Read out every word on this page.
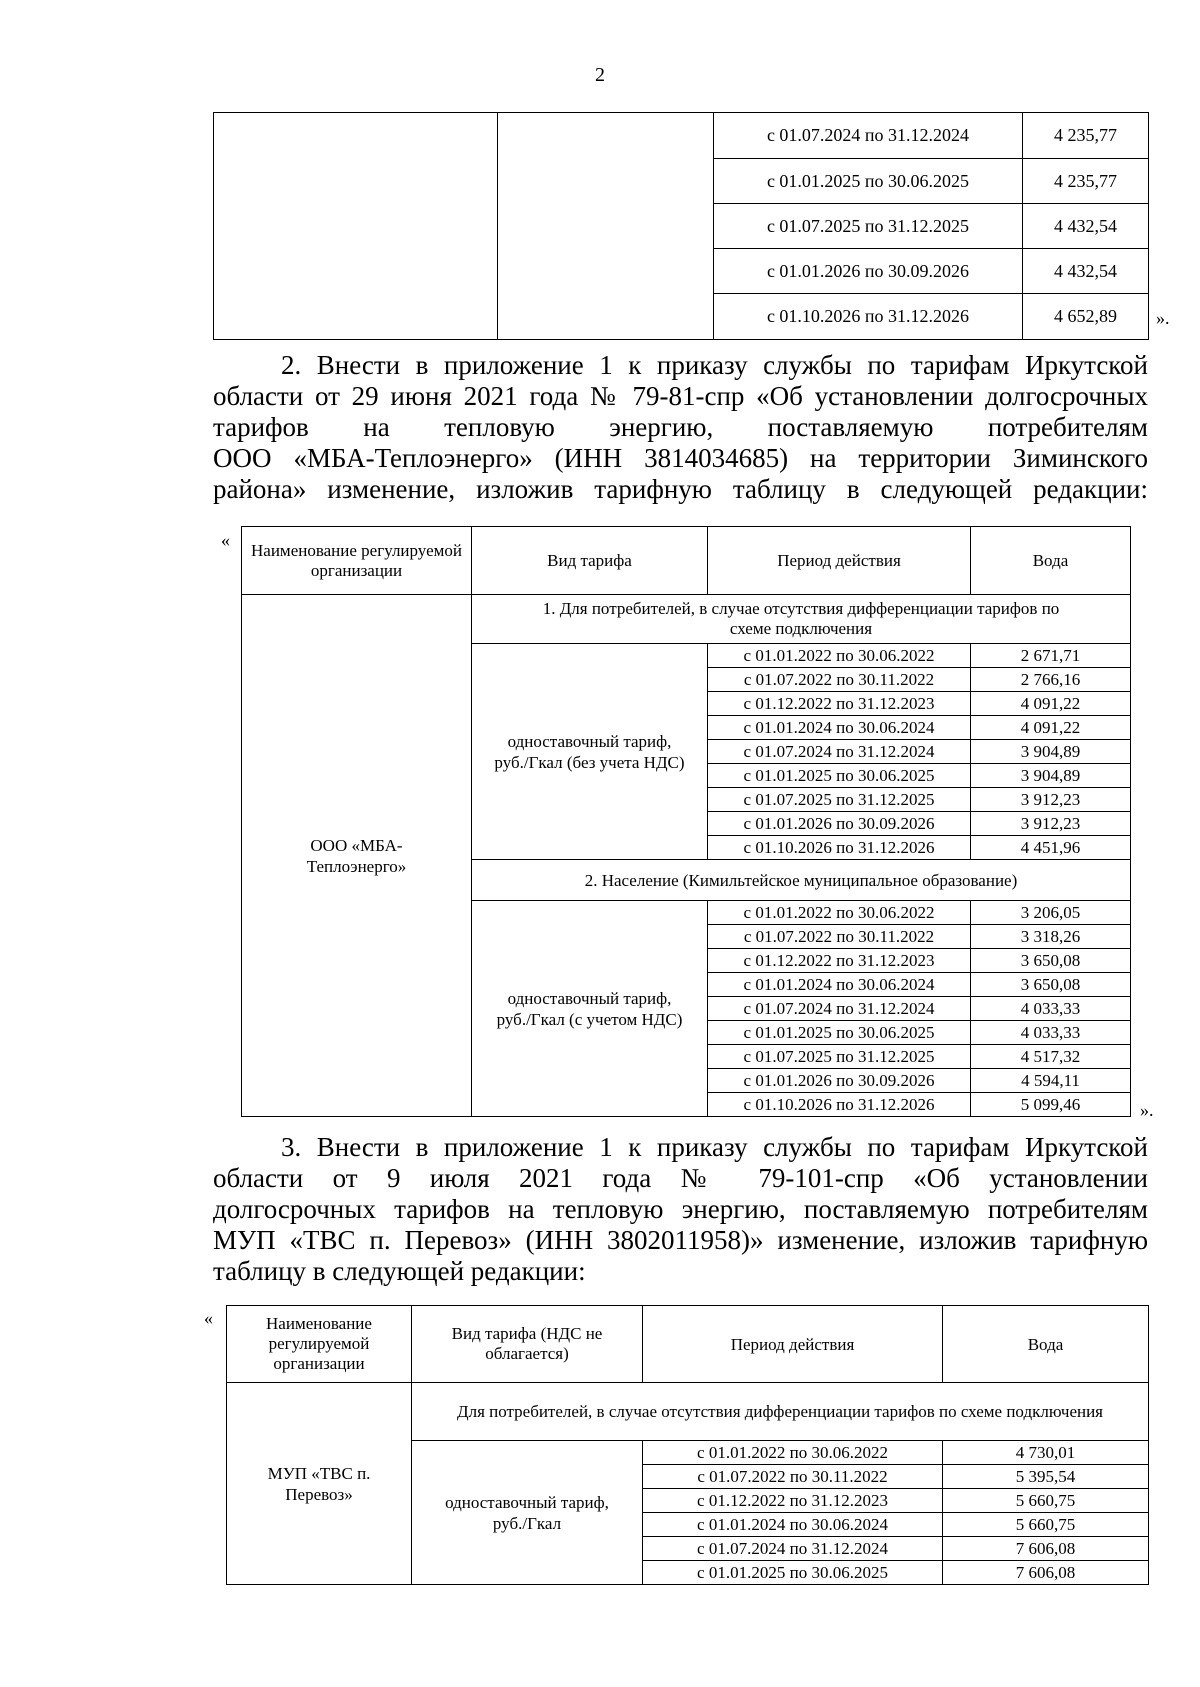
2
		с 01.07.2024 по 31.12.2024	4 235,77
		с 01.01.2025 по 30.06.2025	4 235,77
		с 01.07.2025 по 31.12.2025	4 432,54
		с 01.01.2026 по 30.09.2026	4 432,54
		с 01.10.2026 по 31.12.2026	4 652,89 ».
2. Внести в приложение 1 к приказу службы по тарифам Иркутской
области от 29 июня 2021 года № 79-81-спр «Об установлении долгосрочных
тарифов на тепловую энергию, поставляемую потребителям
ООО «МБА-Теплоэнерго» (ИНН 3814034685) на территории Зиминского
района» изменение, изложив тарифную таблицу в следующей редакции:
« Наименование регулируемой организации	Вид тарифа	Период действия	Вода
ООО «МБА-Теплоэнерго»	1. Для потребителей, в случае отсутствия дифференциации тарифов по схеме подключения		
	одноставочный тариф, руб./Гкал (без учета НДС)	с 01.01.2022 по 30.06.2022	2 671,71
		с 01.07.2022 по 30.11.2022	2 766,16
		с 01.12.2022 по 31.12.2023	4 091,22
		с 01.01.2024 по 30.06.2024	4 091,22
		с 01.07.2024 по 31.12.2024	3 904,89
		с 01.01.2025 по 30.06.2025	3 904,89
		с 01.07.2025 по 31.12.2025	3 912,23
		с 01.01.2026 по 30.09.2026	3 912,23
		с 01.10.2026 по 31.12.2026	4 451,96
	2. Население (Кимильтейское муниципальное образование)		
	одноставочный тариф, руб./Гкал (с учетом НДС)	с 01.01.2022 по 30.06.2022	3 206,05
		с 01.07.2022 по 30.11.2022	3 318,26
		с 01.12.2022 по 31.12.2023	3 650,08
		с 01.01.2024 по 30.06.2024	3 650,08
		с 01.07.2024 по 31.12.2024	4 033,33
		с 01.01.2025 по 30.06.2025	4 033,33
		с 01.07.2025 по 31.12.2025	4 517,32
		с 01.01.2026 по 30.09.2026	4 594,11
		с 01.10.2026 по 31.12.2026	5 099,46	».
3. Внести в приложение 1 к приказу службы по тарифам Иркутской
области от 9 июля 2021 года № 79-101-спр «Об установлении
долгосрочных тарифов на тепловую энергию, поставляемую потребителям
МУП «ТВС п. Перевоз» (ИНН 3802011958)» изменение, изложив тарифную
таблицу в следующей редакции:
«	Наименование регулируемой организации	Вид тарифа (НДС не облагается)	Период действия	Вода
МУП «ТВС п. Перевоз»	Для потребителей, в случае отсутствия дифференциации тарифов по схеме подключения		
	одноставочный тариф, руб./Гкал	с 01.01.2022 по 30.06.2022	4 730,01
		с 01.07.2022 по 30.11.2022	5 395,54
		с 01.12.2022 по 31.12.2023	5 660,75
		с 01.01.2024 по 30.06.2024	5 660,75
		с 01.07.2024 по 31.12.2024	7 606,08
		с 01.01.2025 по 30.06.2025	7 606,08
